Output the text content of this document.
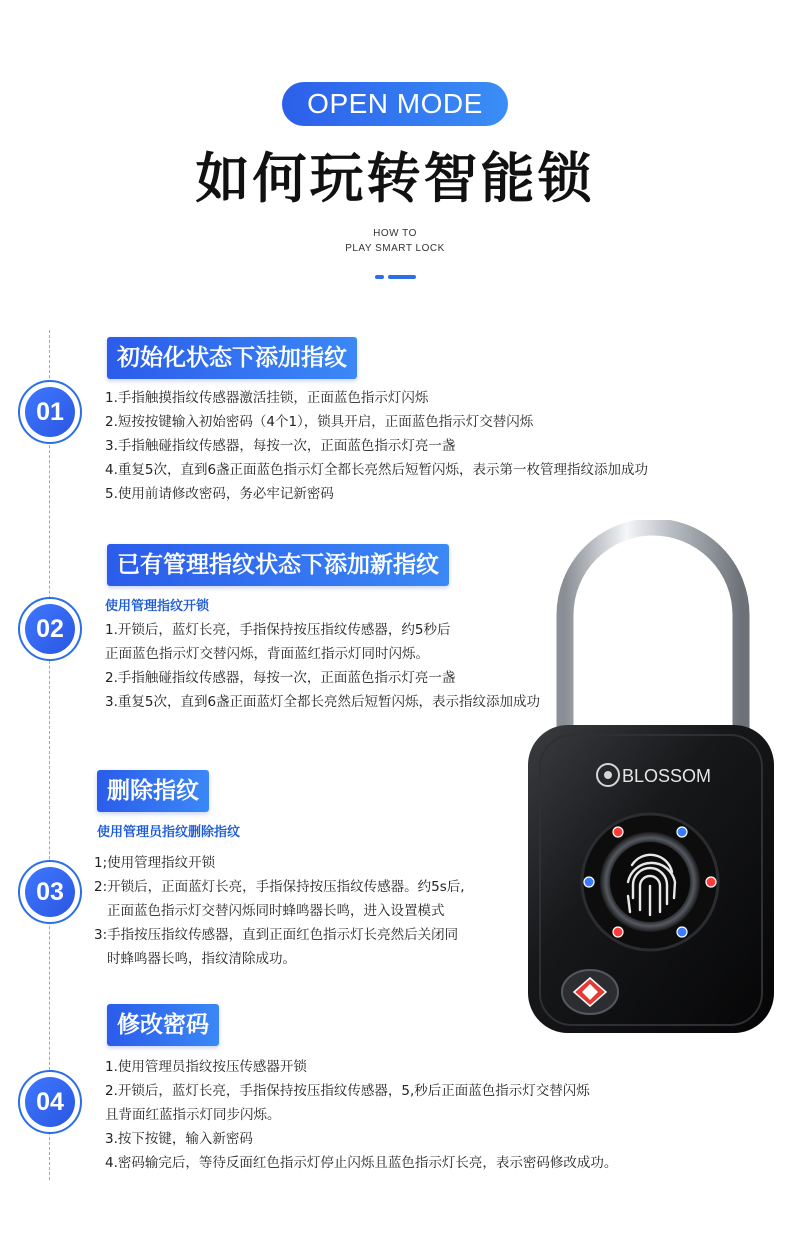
OPEN MODE
如何玩转智能锁
HOW TO
PLAY SMART LOCK
01
初始化状态下添加指纹
1.手指触摸指纹传感器激活挂锁，正面蓝色指示灯闪烁
2.短按按键输入初始密码（4个1），锁具开启，正面蓝色指示灯交替闪烁
3.手指触碰指纹传感器，每按一次，正面蓝色指示灯亮一盏
4.重复5次，直到6盏正面蓝色指示灯全都长亮然后短暂闪烁，表示第一枚管理指纹添加成功
5.使用前请修改密码，务必牢记新密码
02
已有管理指纹状态下添加新指纹
使用管理指纹开锁
1.开锁后，蓝灯长亮，手指保持按压指纹传感器，约5秒后
正面蓝色指示灯交替闪烁，背面蓝红指示灯同时闪烁。
2.手指触碰指纹传感器，每按一次，正面蓝色指示灯亮一盏
3.重复5次，直到6盏正面蓝灯全都长亮然后短暂闪烁，表示指纹添加成功
BLOSSOM
03
删除指纹
使用管理员指纹删除指纹
1;使用管理指纹开锁
2:开锁后，正面蓝灯长亮，手指保持按压指纹传感器。约5s后,
正面蓝色指示灯交替闪烁同时蜂鸣器长鸣，进入设置模式
3:手指按压指纹传感器，直到正面红色指示灯长亮然后关闭同
时蜂鸣器长鸣，指纹清除成功。
04
修改密码
1.使用管理员指纹按压传感器开锁
2.开锁后，蓝灯长亮，手指保持按压指纹传感器，5,秒后正面蓝色指示灯交替闪烁
且背面红蓝指示灯同步闪烁。
3.按下按键，输入新密码
4.密码输完后，等待反面红色指示灯停止闪烁且蓝色指示灯长亮，表示密码修改成功。
